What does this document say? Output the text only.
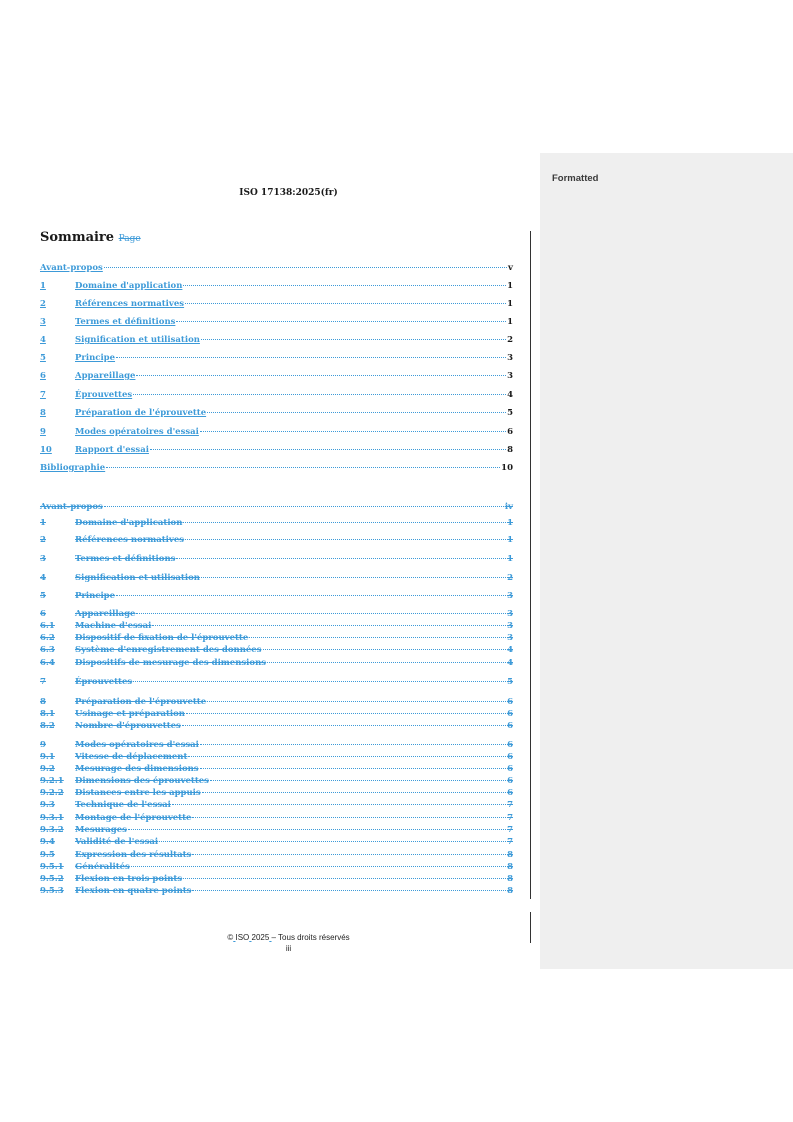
Formatted
ISO 17138:2025(fr)
Sommaire Page
Avant-propos	v
1	Domaine d'application	1
2	Références normatives	1
3	Termes et définitions	1
4	Signification et utilisation	2
5	Principe	3
6	Appareillage	3
7	Éprouvettes	4
8	Préparation de l'éprouvette	5
9	Modes opératoires d'essai	6
10	Rapport d'essai	8
Bibliographie	10
Avant-propos	iv
1	Domaine d'application	1
2	Références normatives	1
3	Termes et définitions	1
4	Signification et utilisation	2
5	Principe	3
6	Appareillage	3
6.1	Machine d'essai	3
6.2	Dispositif de fixation de l'éprouvette	3
6.3	Système d'enregistrement des données	4
6.4	Dispositifs de mesurage des dimensions	4
7	Éprouvettes	5
8	Préparation de l'éprouvette	6
8.1	Usinage et préparation	6
8.2	Nombre d'éprouvettes	6
9	Modes opératoires d'essai	6
9.1	Vitesse de déplacement	6
9.2	Mesurage des dimensions	6
9.2.1	Dimensions des éprouvettes	6
9.2.2	Distances entre les appuis	6
9.3	Technique de l'essai	7
9.3.1	Montage de l'éprouvette	7
9.3.2	Mesurages	7
9.4	Validité de l'essai	7
9.5	Expression des résultats	8
9.5.1	Généralités	8
9.5.2	Flexion en trois points	8
9.5.3	Flexion en quatre points	8
© ISO 2025 – Tous droits réservés
iii
